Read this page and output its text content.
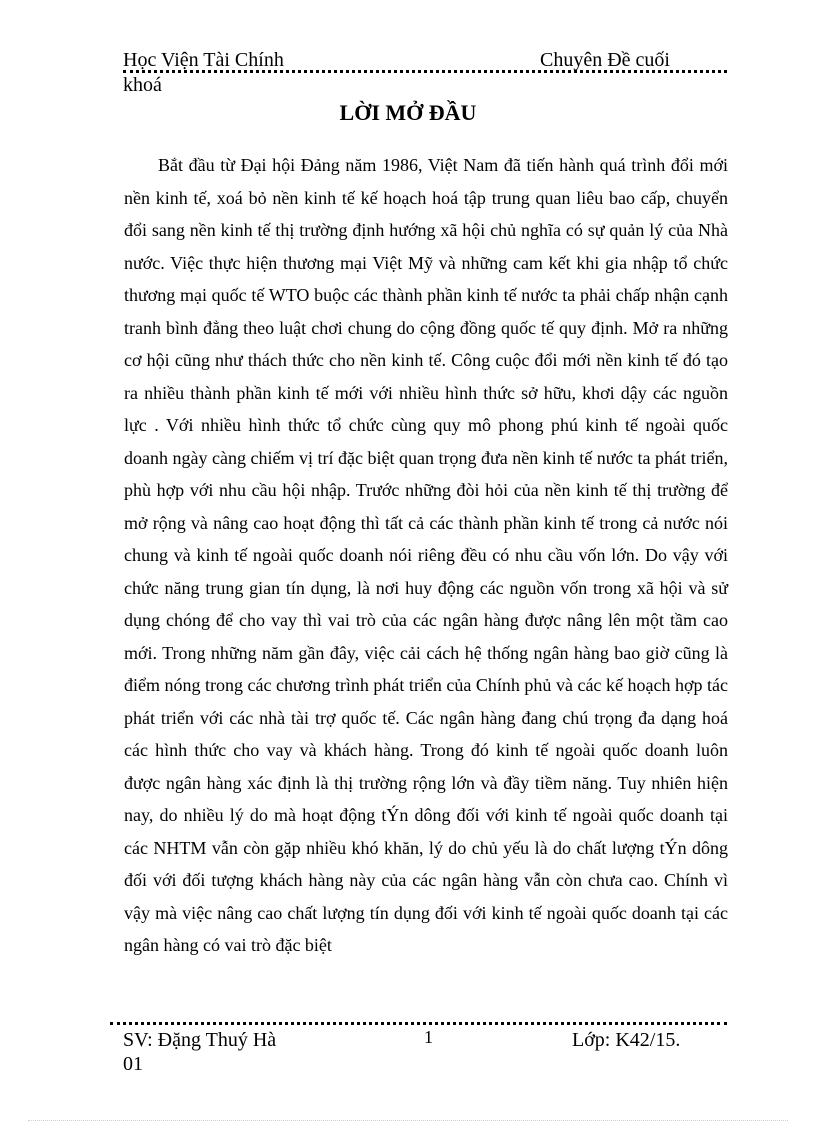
Học Viện Tài Chính	Chuyên Đề cuối
khoá
LỜI MỞ ĐẦU

Bắt đầu từ Đại hội Đảng năm 1986, Việt Nam đã tiến hành quá trình đổi mới nền kinh tế, xoá bỏ nền kinh tế kế hoạch hoá tập trung quan liêu bao cấp, chuyển đổi sang nền kinh tế thị trường định hướng xã hội chủ nghĩa có sự quản lý của Nhà nước. Việc thực hiện thương mại Việt Mỹ và những cam kết khi gia nhập tổ chức thương mại quốc tế WTO buộc các thành phần kinh tế nước ta phải chấp nhận cạnh tranh bình đẳng theo luật chơi chung do cộng đồng quốc tế quy định. Mở ra những cơ hội cũng như thách thức cho nền kinh tế. Công cuộc đổi mới nền kinh tế đó tạo ra nhiều thành phần kinh tế mới với nhiều hình thức sở hữu, khơi dậy các nguồn lực . Với nhiều hình thức tổ chức cùng quy mô phong phú kinh tế ngoài quốc doanh ngày càng chiếm vị trí đặc biệt quan trọng đưa nền kinh tế nước ta phát triển, phù hợp với nhu cầu hội nhập. Trước những đòi hỏi của nền kinh tế thị trường để mở rộng và nâng cao hoạt động thì tất cả các thành phần kinh tế trong cả nước nói chung và kinh tế ngoài quốc doanh nói riêng đều có nhu cầu vốn lớn. Do vậy với chức năng trung gian tín dụng, là nơi huy động các nguồn vốn trong xã hội và sử dụng chóng để cho vay thì vai trò của các ngân hàng được nâng lên một tầm cao mới. Trong những năm gần đây, việc cải cách hệ thống ngân hàng bao giờ cũng là điểm nóng trong các chương trình phát triển của Chính phủ và các kế hoạch hợp tác phát triển với các nhà tài trợ quốc tế. Các ngân hàng đang chú trọng đa dạng hoá các hình thức cho vay và khách hàng. Trong đó kinh tế ngoài quốc doanh luôn được ngân hàng xác định là thị trường rộng lớn và đầy tiềm năng. Tuy nhiên hiện nay, do nhiều lý do mà hoạt động tÝn dông đối với kinh tế ngoài quốc doanh tại các NHTM vẫn còn gặp nhiều khó khăn, lý do chủ yếu là do chất lượng tÝn dông đối với đối tượng khách hàng này của các ngân hàng vẫn còn chưa cao. Chính vì vậy mà việc nâng cao chất lượng tín dụng đối với kinh tế ngoài quốc doanh tại các ngân hàng có vai trò đặc biệt

SV: Đặng Thuý Hà
01
1	Lớp: K42/15.
